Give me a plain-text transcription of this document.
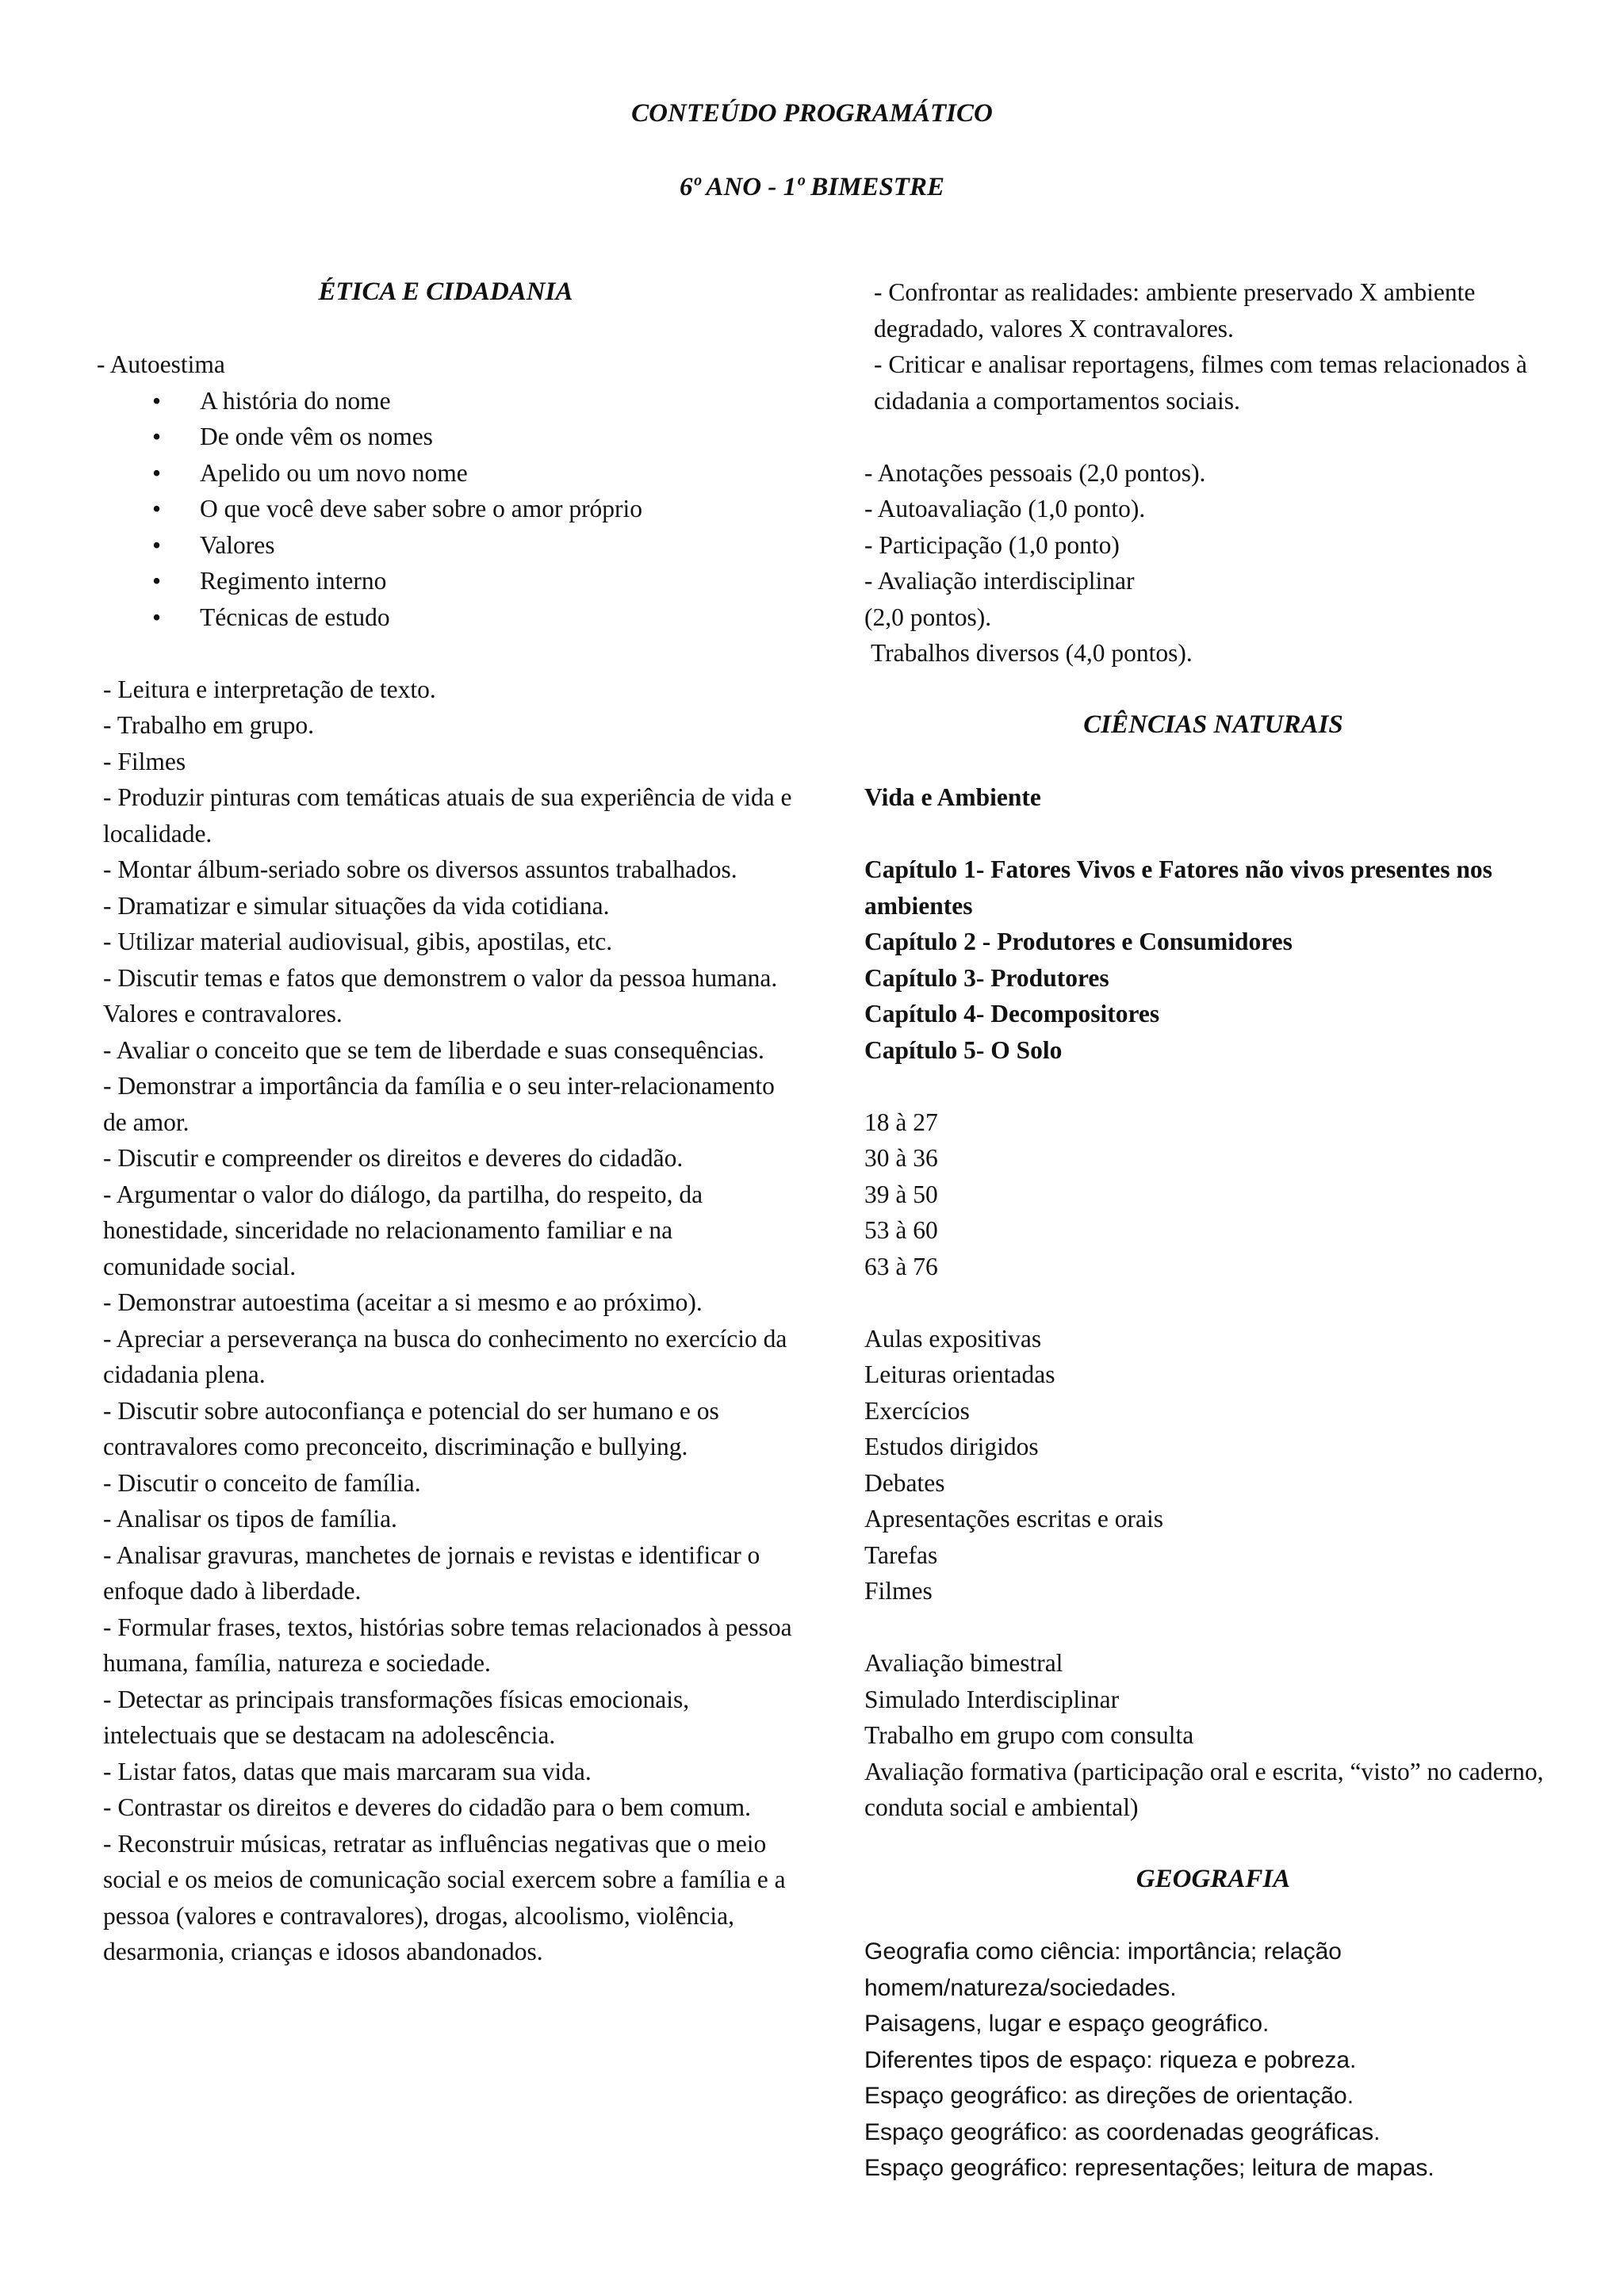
CONTEÚDO PROGRAMÁTICO
6º ANO - 1º BIMESTRE
ÉTICA E CIDADANIA

- Autoestima

• A história do nome
• De onde vêm os nomes
• Apelido ou um novo nome
• O que você deve saber sobre o amor próprio
• Valores
• Regimento interno
• Técnicas de estudo

- Leitura e interpretação de texto.

- Trabalho em grupo.

- Filmes

- Produzir pinturas com temáticas atuais de sua experiência de vida e localidade.

- Montar álbum-seriado sobre os diversos assuntos trabalhados.

- Dramatizar e simular situações da vida cotidiana.

- Utilizar material audiovisual, gibis, apostilas, etc.

- Discutir temas e fatos que demonstrem o valor da pessoa humana. Valores e contravalores.

- Avaliar o conceito que se tem de liberdade e suas consequências.

- Demonstrar a importância da família e o seu inter-relacionamento de amor.

- Discutir e compreender os direitos e deveres do cidadão.

- Argumentar o valor do diálogo, da partilha, do respeito, da honestidade, sinceridade no relacionamento familiar e na comunidade social.

- Demonstrar autoestima (aceitar a si mesmo e ao próximo).

- Apreciar a perseverança na busca do conhecimento no exercício da cidadania plena.

- Discutir sobre autoconfiança e potencial do ser humano e os contravalores como preconceito, discriminação e bullying.

- Discutir o conceito de família.

- Analisar os tipos de família.

- Analisar gravuras, manchetes de jornais e revistas e identificar o enfoque dado à liberdade.

- Formular frases, textos, histórias sobre temas relacionados à pessoa humana, família, natureza e sociedade.

- Detectar as principais transformações físicas emocionais, intelectuais que se destacam na adolescência.

- Listar fatos, datas que mais marcaram sua vida.

- Contrastar os direitos e deveres do cidadão para o bem comum.

- Reconstruir músicas, retratar as influências negativas que o meio social e os meios de comunicação social exercem sobre a família e a pessoa (valores e contravalores), drogas, alcoolismo, violência, desarmonia, crianças e idosos abandonados.

- Confrontar as realidades: ambiente preservado X ambiente degradado, valores X contravalores.

- Criticar e analisar reportagens, filmes com temas relacionados à cidadania a comportamentos sociais.

- Anotações pessoais (2,0 pontos).
- Autoavaliação (1,0 ponto).
- Participação (1,0 ponto)
- Avaliação interdisciplinar
(2,0 pontos).
Trabalhos diversos (4,0 pontos).
CIÊNCIAS NATURAIS

Vida e Ambiente

Capítulo 1- Fatores Vivos e Fatores não vivos presentes nos ambientes

Capítulo 2 - Produtores e Consumidores

Capítulo 3- Produtores

Capítulo 4- Decompositores

Capítulo 5- O Solo

18 à 27
30 à 36
39 à 50
53 à 60
63 à 76
Aulas expositivas
Leituras orientadas
Exercícios
Estudos dirigidos
Debates
Apresentações escritas e orais
Tarefas
Filmes

Avaliação bimestral

Simulado Interdisciplinar

Trabalho em grupo com consulta

Avaliação formativa (participação oral e escrita, “visto” no caderno, conduta social e ambiental)

GEOGRAFIA

Geografia como ciência: importância; relação homem/natureza/sociedades.

Paisagens, lugar e espaço geográfico.

Diferentes tipos de espaço: riqueza e pobreza.

Espaço geográfico: as direções de orientação.

Espaço geográfico: as coordenadas geográficas.

Espaço geográfico: representações; leitura de mapas.
